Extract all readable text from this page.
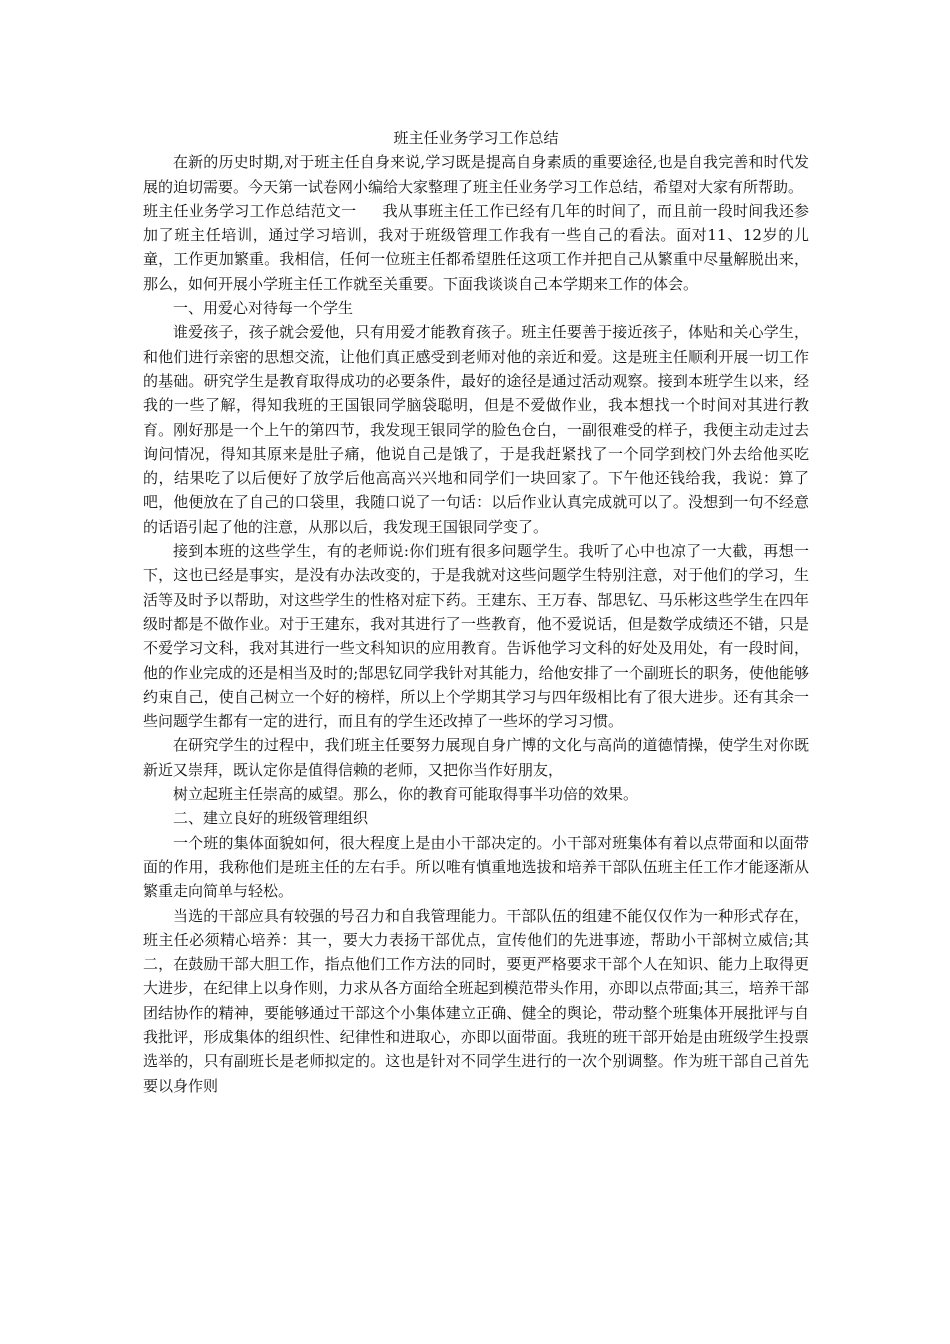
班主任业务学习工作总结

在新的历史时期,对于班主任自身来说,学习既是提高自身素质的重要途径,也是自我完善和时代发展的迫切需要。今天第一试卷网小编给大家整理了班主任业务学习工作总结，希望对大家有所帮助。

班主任业务学习工作总结范文一 我从事班主任工作已经有几年的时间了，而且前一段时间我还参加了班主任培训，通过学习培训，我对于班级管理工作我有一些自己的看法。面对11、12岁的儿童，工作更加繁重。我相信，任何一位班主任都希望胜任这项工作并把自己从繁重中尽量解脱出来，那么，如何开展小学班主任工作就至关重要。下面我谈谈自己本学期来工作的体会。

一、用爱心对待每一个学生

谁爱孩子，孩子就会爱他，只有用爱才能教育孩子。班主任要善于接近孩子，体贴和关心学生，和他们进行亲密的思想交流，让他们真正感受到老师对他的亲近和爱。这是班主任顺利开展一切工作的基础。研究学生是教育取得成功的必要条件，最好的途径是通过活动观察。接到本班学生以来，经我的一些了解，得知我班的王国银同学脑袋聪明，但是不爱做作业，我本想找一个时间对其进行教育。刚好那是一个上午的第四节，我发现王银同学的脸色仓白，一副很难受的样子，我便主动走过去询问情况，得知其原来是肚子痛，他说自己是饿了，于是我赶紧找了一个同学到校门外去给他买吃的，结果吃了以后便好了放学后他高高兴兴地和同学们一块回家了。下午他还钱给我，我说：算了吧，他便放在了自己的口袋里，我随口说了一句话：以后作业认真完成就可以了。没想到一句不经意的话语引起了他的注意，从那以后，我发现王国银同学变了。

接到本班的这些学生，有的老师说:你们班有很多问题学生。我听了心中也凉了一大截，再想一下，这也已经是事实，是没有办法改变的，于是我就对这些问题学生特别注意，对于他们的学习，生活等及时予以帮助，对这些学生的性格对症下药。王建东、王万春、郜思钇、马乐彬这些学生在四年级时都是不做作业。对于王建东，我对其进行了一些教育，他不爱说话，但是数学成绩还不错，只是不爱学习文科，我对其进行一些文科知识的应用教育。告诉他学习文科的好处及用处，有一段时间，他的作业完成的还是相当及时的;郜思钇同学我针对其能力，给他安排了一个副班长的职务，使他能够约束自己，使自己树立一个好的榜样，所以上个学期其学习与四年级相比有了很大进步。还有其余一些问题学生都有一定的进行，而且有的学生还改掉了一些坏的学习习惯。

在研究学生的过程中，我们班主任要努力展现自身广博的文化与高尚的道德情操，使学生对你既新近又崇拜，既认定你是值得信赖的老师，又把你当作好朋友，

树立起班主任崇高的威望。那么，你的教育可能取得事半功倍的效果。

二、建立良好的班级管理组织

一个班的集体面貌如何，很大程度上是由小干部决定的。小干部对班集体有着以点带面和以面带面的作用，我称他们是班主任的左右手。所以唯有慎重地选拔和培养干部队伍班主任工作才能逐渐从繁重走向简单与轻松。

当选的干部应具有较强的号召力和自我管理能力。干部队伍的组建不能仅仅作为一种形式存在，班主任必须精心培养：其一，要大力表扬干部优点，宣传他们的先进事迹，帮助小干部树立威信;其二，在鼓励干部大胆工作，指点他们工作方法的同时，要更严格要求干部个人在知识、能力上取得更大进步，在纪律上以身作则，力求从各方面给全班起到模范带头作用，亦即以点带面;其三，培养干部团结协作的精神，要能够通过干部这个小集体建立正确、健全的舆论，带动整个班集体开展批评与自我批评，形成集体的组织性、纪律性和进取心，亦即以面带面。我班的班干部开始是由班级学生投票选举的，只有副班长是老师拟定的。这也是针对不同学生进行的一次个别调整。作为班干部自己首先要以身作则
